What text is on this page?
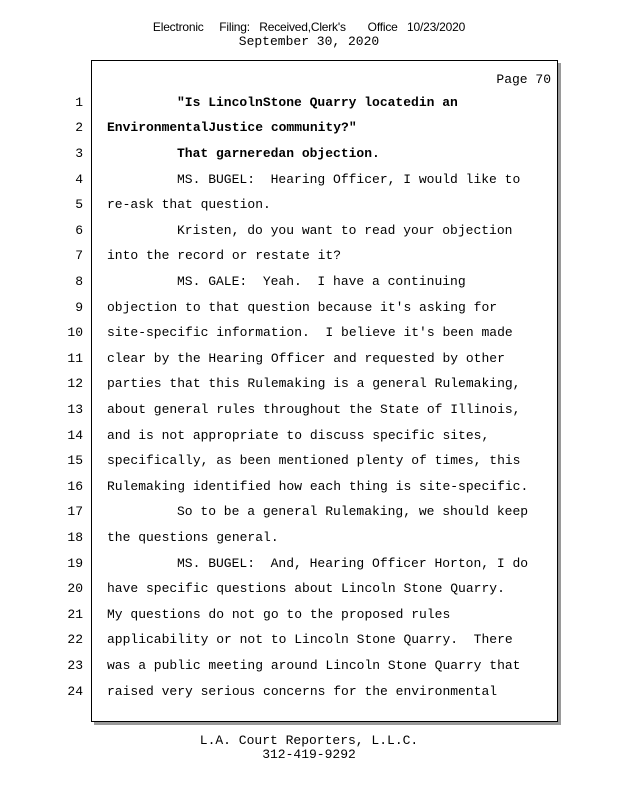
Electronic     Filing:   Received,Clerk's       Office   10/23/2020
September 30, 2020
Page 70
1
2
3
4
5
6
7
8
9
10
11
12
13
14
15
16
17
18
19
20
21
22
23
24
"Is LincolnStone Quarry locatedin an
EnvironmentalJustice community?"
That garneredan objection.
MS. BUGEL:  Hearing Officer, I would like to
re-ask that question.
Kristen, do you want to read your objection
into the record or restate it?
MS. GALE:  Yeah.  I have a continuing
objection to that question because it's asking for
site-specific information.  I believe it's been made
clear by the Hearing Officer and requested by other
parties that this Rulemaking is a general Rulemaking,
about general rules throughout the State of Illinois,
and is not appropriate to discuss specific sites,
specifically, as been mentioned plenty of times, this
Rulemaking identified how each thing is site-specific.
So to be a general Rulemaking, we should keep
the questions general.
MS. BUGEL:  And, Hearing Officer Horton, I do
have specific questions about Lincoln Stone Quarry.
My questions do not go to the proposed rules
applicability or not to Lincoln Stone Quarry.  There
was a public meeting around Lincoln Stone Quarry that
raised very serious concerns for the environmental
L.A. Court Reporters, L.L.C.
312-419-9292
